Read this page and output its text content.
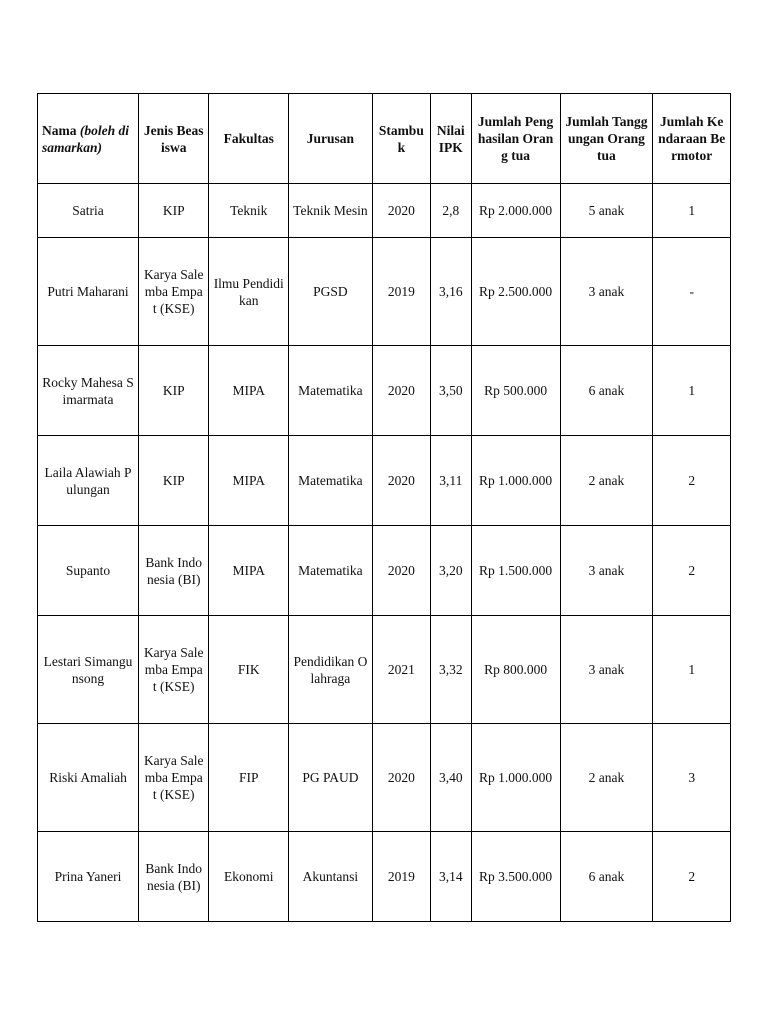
Nama (boleh disamarkan)	Jenis Beasiswa	Fakultas	Jurusan	Stambuk	Nilai IPK	Jumlah Penghasilan Orang tua	Jumlah Tanggungan Orang tua	Jumlah Kendaraan Bermotor
Satria	KIP	Teknik	Teknik Mesin	2020	2,8	Rp 2.000.000	5 anak	1
Putri Maharani	Karya Salemba Empat (KSE)	Ilmu Pendidikan	PGSD	2019	3,16	Rp 2.500.000	3 anak	-
Rocky Mahesa Simarmata	KIP	MIPA	Matematika	2020	3,50	Rp 500.000	6 anak	1
Laila Alawiah Pulungan	KIP	MIPA	Matematika	2020	3,11	Rp 1.000.000	2 anak	2
Supanto	Bank Indonesia (BI)	MIPA	Matematika	2020	3,20	Rp 1.500.000	3 anak	2
Lestari Simangunsong	Karya Salemba Empat (KSE)	FIK	Pendidikan Olahraga	2021	3,32	Rp 800.000	3 anak	1
Riski Amaliah	Karya Salemba Empat (KSE)	FIP	PG PAUD	2020	3,40	Rp 1.000.000	2 anak	3
Prina Yaneri	Bank Indonesia (BI)	Ekonomi	Akuntansi	2019	3,14	Rp 3.500.000	6 anak	2
